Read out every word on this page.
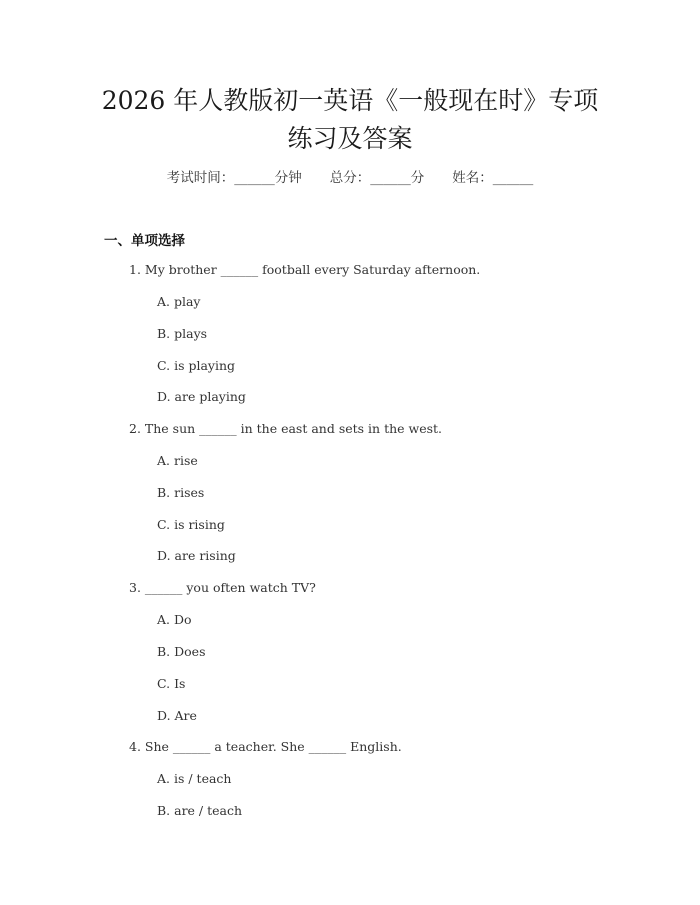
2026 年人教版初一英语《一般现在时》专项
练习及答案
考试时间：______分钟 总分：______分 姓名：______
一、单项选择
1. My brother ______ football every Saturday afternoon.
A. play
B. plays
C. is playing
D. are playing
2. The sun ______ in the east and sets in the west.
A. rise
B. rises
C. is rising
D. are rising
3. ______ you often watch TV?
A. Do
B. Does
C. Is
D. Are
4. She ______ a teacher. She ______ English.
A. is / teach
B. are / teach
